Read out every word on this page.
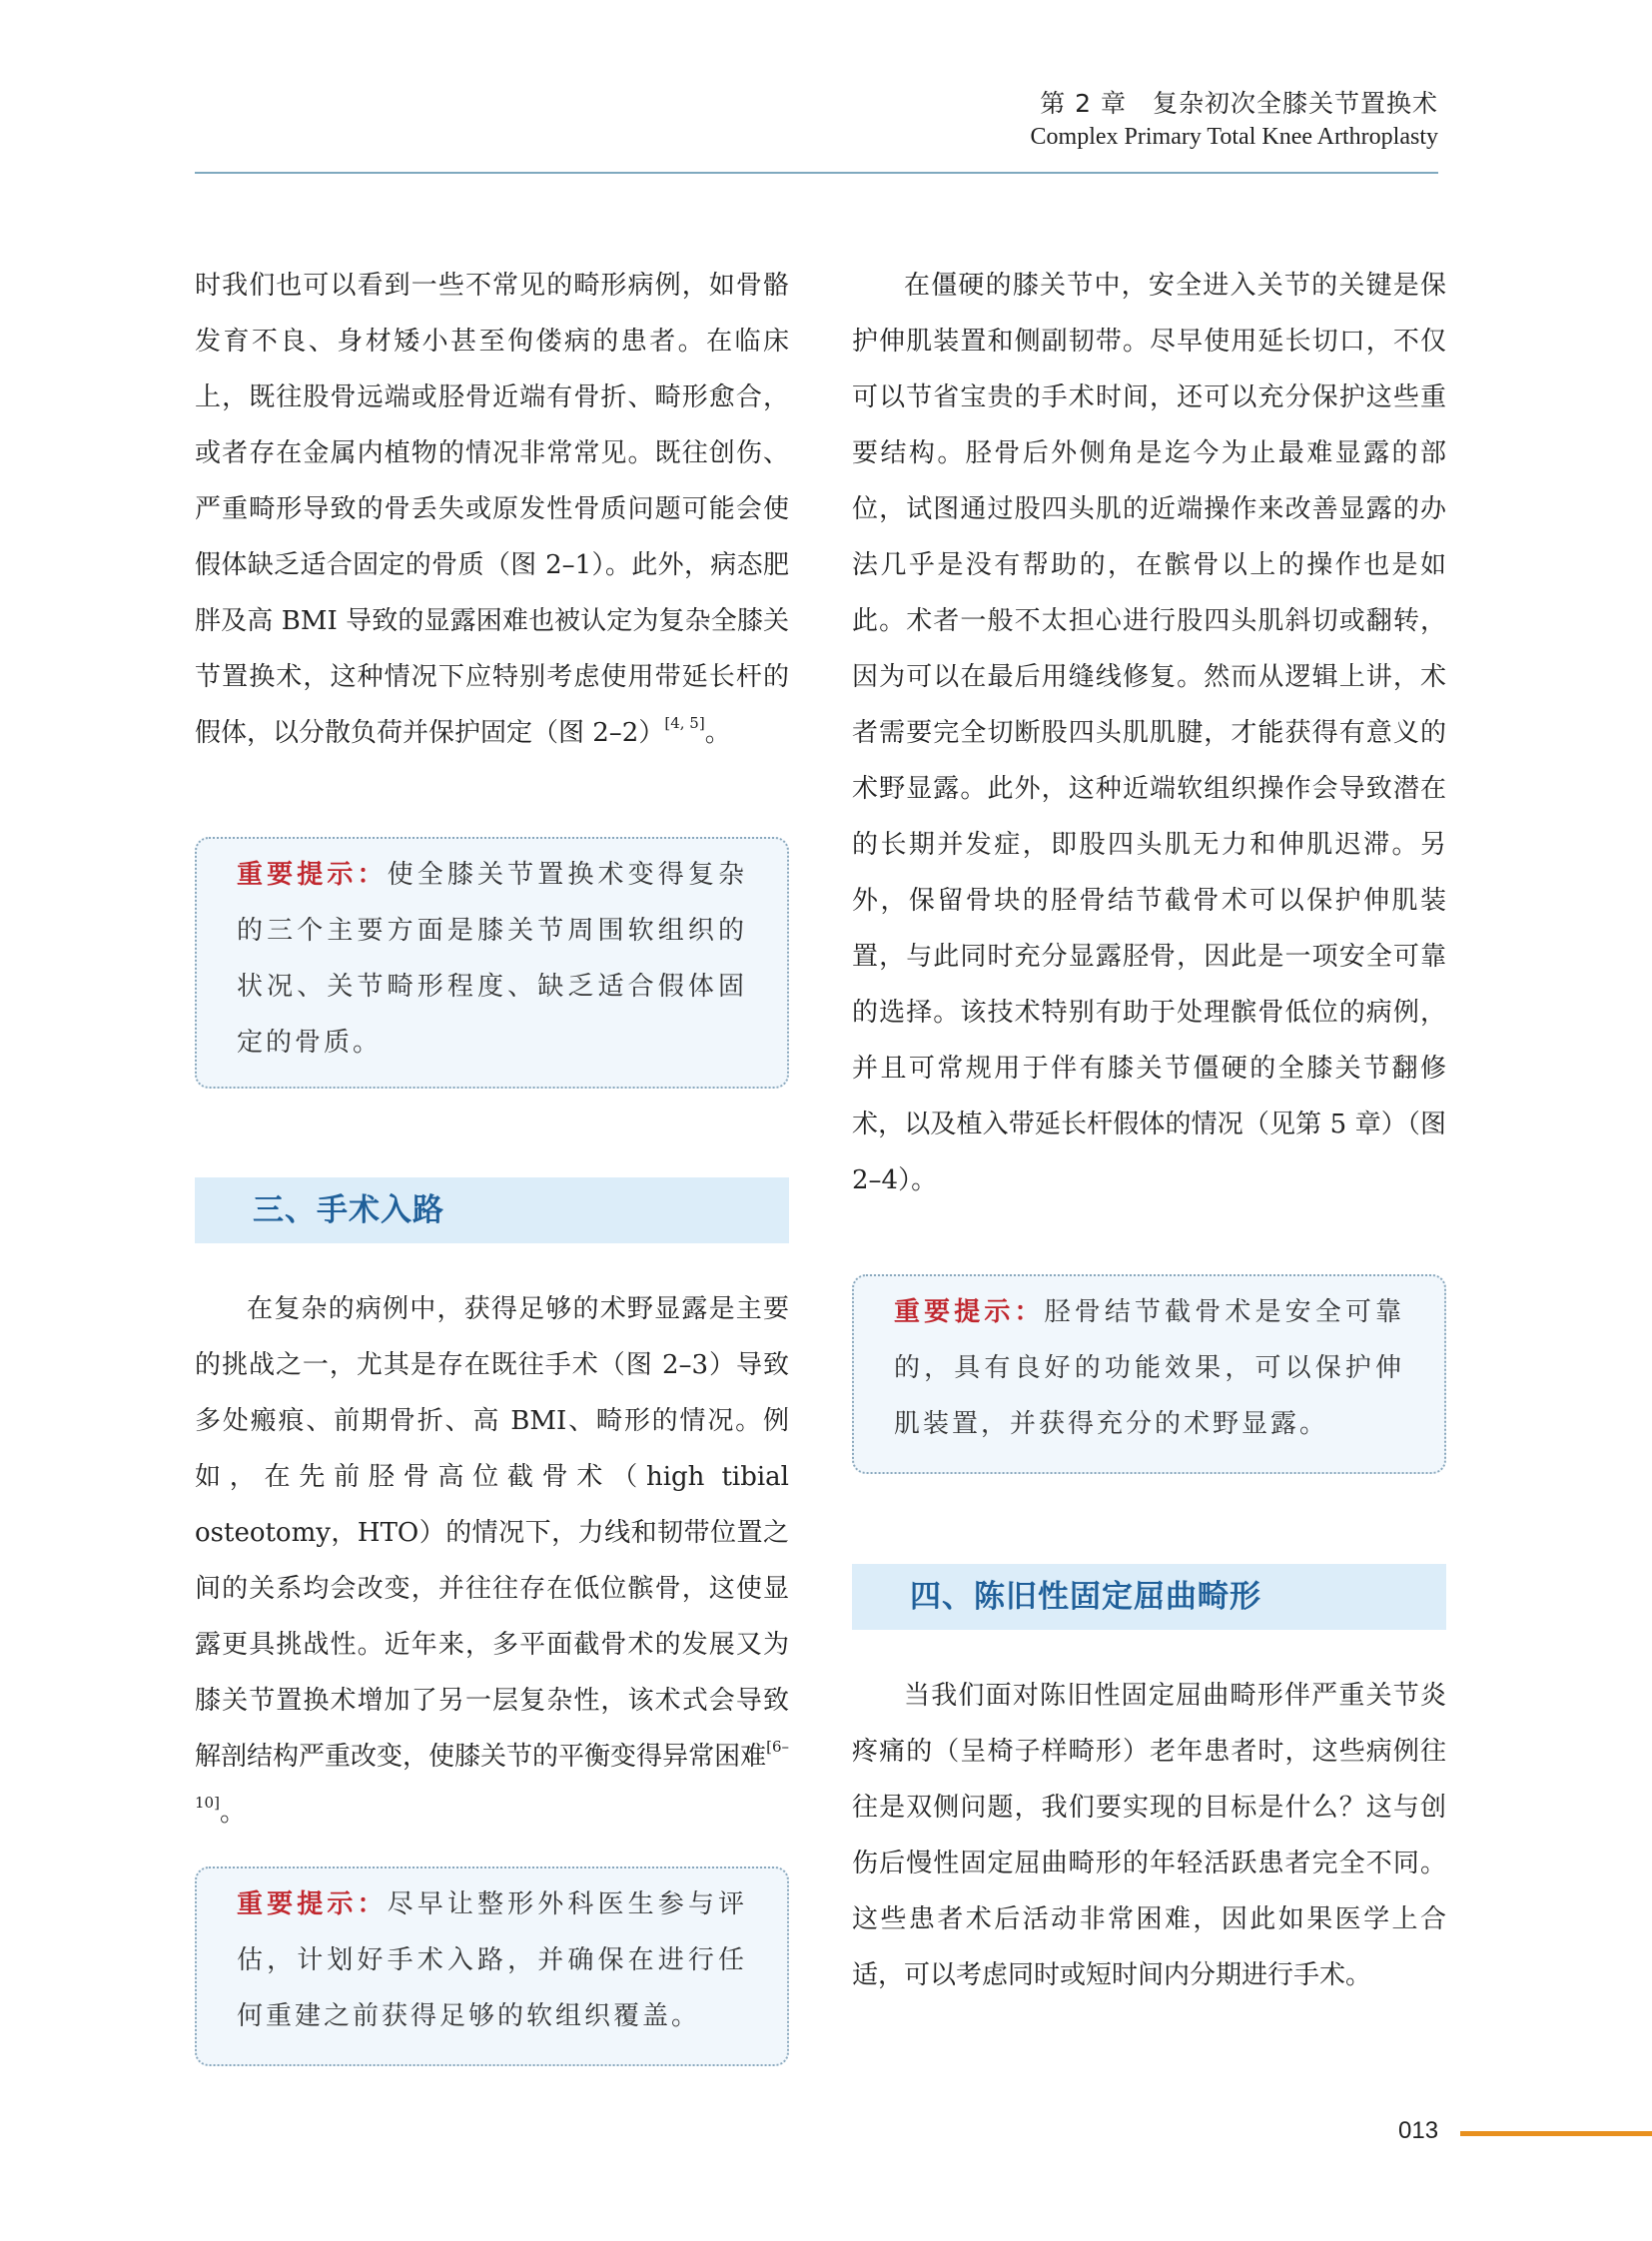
第 2 章　复杂初次全膝关节置换术
Complex Primary Total Knee Arthroplasty

时我们也可以看到一些不常见的畸形病例，如骨骼发育不良、身材矮小甚至佝偻病的患者。在临床上，既往股骨远端或胫骨近端有骨折、畸形愈合，或者存在金属内植物的情况非常常见。既往创伤、严重畸形导致的骨丢失或原发性骨质问题可能会使假体缺乏适合固定的骨质（图 2–1）。此外，病态肥胖及高 BMI 导致的显露困难也被认定为复杂全膝关节置换术，这种情况下应特别考虑使用带延长杆的假体，以分散负荷并保护固定（图 2–2）[4, 5]。

重要提示：使全膝关节置换术变得复杂的三个主要方面是膝关节周围软组织的状况、关节畸形程度、缺乏适合假体固定的骨质。

三、手术入路

在复杂的病例中，获得足够的术野显露是主要的挑战之一，尤其是存在既往手术（图 2–3）导致多处瘢痕、前期骨折、高 BMI、畸形的情况。例如，在先前胫骨高位截骨术（high tibial osteotomy，HTO）的情况下，力线和韧带位置之间的关系均会改变，并往往存在低位髌骨，这使显露更具挑战性。近年来，多平面截骨术的发展又为膝关节置换术增加了另一层复杂性，该术式会导致解剖结构严重改变，使膝关节的平衡变得异常困难[6–10]。

重要提示：尽早让整形外科医生参与评估，计划好手术入路，并确保在进行任何重建之前获得足够的软组织覆盖。

在僵硬的膝关节中，安全进入关节的关键是保护伸肌装置和侧副韧带。尽早使用延长切口，不仅可以节省宝贵的手术时间，还可以充分保护这些重要结构。胫骨后外侧角是迄今为止最难显露的部位，试图通过股四头肌的近端操作来改善显露的办法几乎是没有帮助的，在髌骨以上的操作也是如此。术者一般不太担心进行股四头肌斜切或翻转，因为可以在最后用缝线修复。然而从逻辑上讲，术者需要完全切断股四头肌肌腱，才能获得有意义的术野显露。此外，这种近端软组织操作会导致潜在的长期并发症，即股四头肌无力和伸肌迟滞。另外，保留骨块的胫骨结节截骨术可以保护伸肌装置，与此同时充分显露胫骨，因此是一项安全可靠的选择。该技术特别有助于处理髌骨低位的病例，并且可常规用于伴有膝关节僵硬的全膝关节翻修术，以及植入带延长杆假体的情况（见第 5 章）（图 2–4）。

重要提示：胫骨结节截骨术是安全可靠的，具有良好的功能效果，可以保护伸肌装置，并获得充分的术野显露。

四、陈旧性固定屈曲畸形

当我们面对陈旧性固定屈曲畸形伴严重关节炎疼痛的（呈椅子样畸形）老年患者时，这些病例往往是双侧问题，我们要实现的目标是什么？这与创伤后慢性固定屈曲畸形的年轻活跃患者完全不同。这些患者术后活动非常困难，因此如果医学上合适，可以考虑同时或短时间内分期进行手术。

013
